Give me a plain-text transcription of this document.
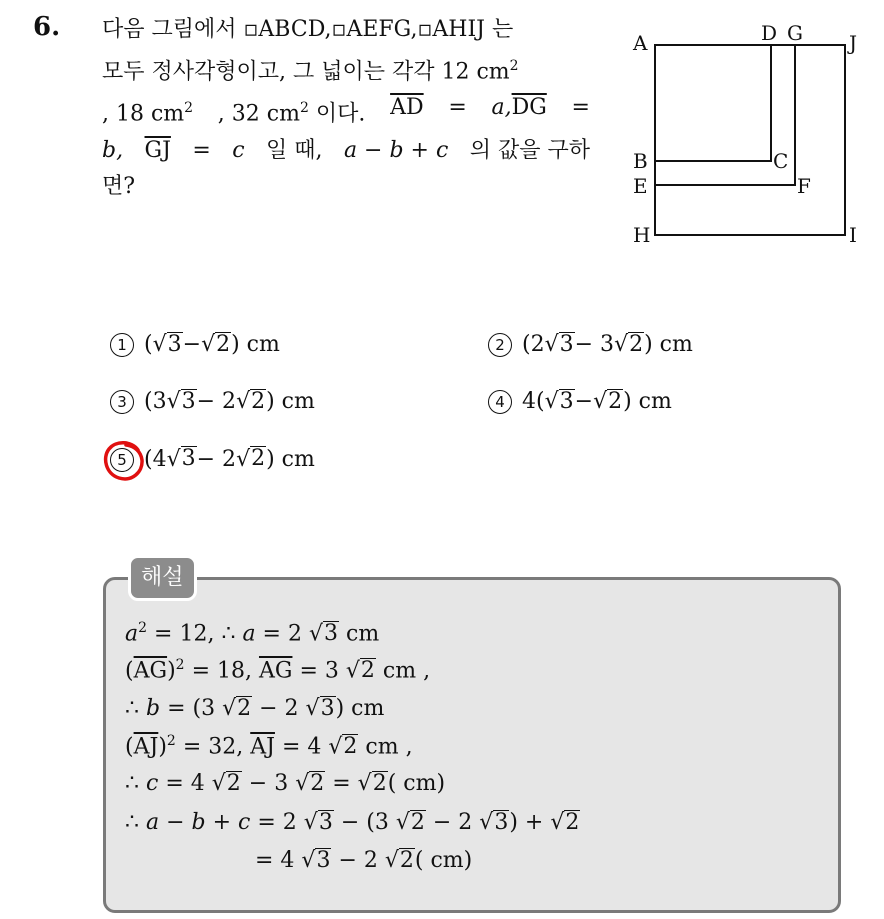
6. 다음 그림에서 ▫ABCD,▫AEFG,▫AHIJ 는
모두 정사각형이고, 그 넓이는 각각 12 $cm^2$
, 18 $cm^2$ , 32 $cm^2$ 이다. $\overline{AD} = a,\overline{DG}$ =
b, $\overline{GJ} = c$ 일 때, a − b + c 의 값을 구하
면?
A	D G J
B	C
E	F
H	I
1 ( √ 3 − √ 2 ) cm	2 (2 √ 3 − 3 √ 2 ) cm
3 (3 √ 3 − 2 √ 2 ) cm	4 4( √ 3 − √ 2 ) cm
5 (4 √ 3 − 2 √ 2 ) cm
해설
$a^2 = 12$, ∴ a = 2 √3 cm
$(\overline{AG})^2 = 18$, $\overline{AG} = 3$ √2 cm ,
∴ b = (3 √2 − 2 √3) cm
$(\overline{AJ})^2 = 32$, $\overline{AJ} = 4$ √2 cm ,
∴ c = 4 √2 − 3 √2 = √2( cm)
∴ a − b + c = 2 √3 − (3 √2 − 2 √3) + √2
= 4 √3 − 2 √2( cm)
